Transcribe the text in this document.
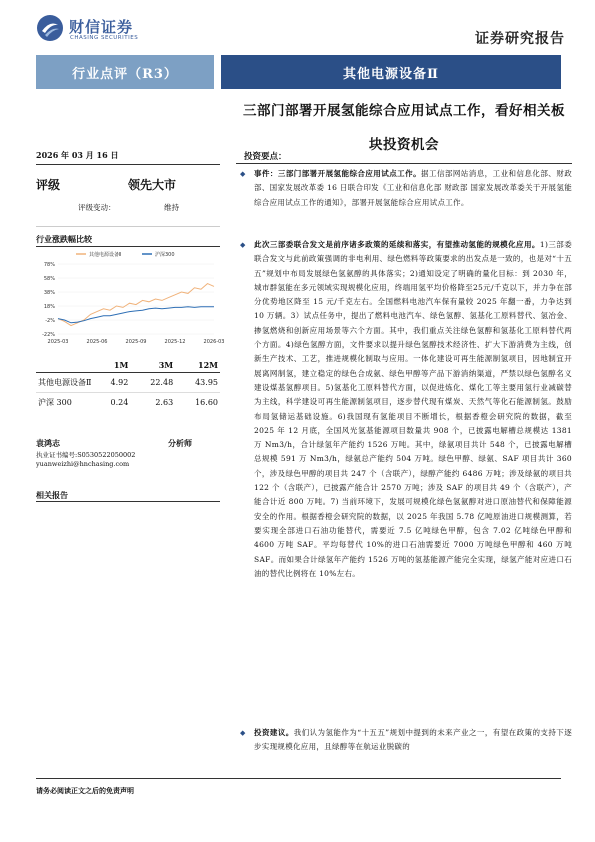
财信证券
CHASING SECURITIES	证券研究报告
行业点评（R3）	其他电源设备Ⅱ
三部门部署开展氢能综合应用试点工作，看好相关板
块投资机会
2026 年 03 月 16 日
评级	领先大市
评级变动：	维持
行业涨跌幅比较
-22%
-2%
18%
38%
58%
78%
2025-03	2025-06	2025-09	2025-12	2026-03
其他电源设备Ⅱ	沪深300
	1M	3M	12M
其他电源设备Ⅱ	4.92	22.48	43.95
沪深 300	0.24	2.63	16.60
袁鸿志	分析师
执业证书编号:S0530522050002
yuanweizhi@hnchasing.com
相关报告
投资要点：
◆	事件：三部门部署开展氢能综合应用试点工作。据工信部网站消息，工业和信息化部、财政部、国家发展改革委 16 日联合印发《工业和信息化部 财政部 国家发展改革委关于开展氢能综合应用试点工作的通知》，部署开展氢能综合应用试点工作。
◆	此次三部委联合发文是前序诸多政策的延续和落实，有望推动氢能的规模化应用。1)三部委联合发文与此前政策强调的非电利用、绿色燃料等政策要求的出发点是一致的，也是对“十五五”规划中布局发展绿色氢氨醇的具体落实；2)通知设定了明确的量化目标：到 2030 年，城市群氢能在多元领域实现规模化应用，终端用氢平均价格降至25元/千克以下，并力争在部分优势地区降至 15 元/千克左右。全国燃料电池汽车保有量较 2025 年翻一番，力争达到 10 万辆。3）试点任务中，提出了燃料电池汽车、绿色氢醇、氢基化工原料替代、氢冶金、掺氢燃烧和创新应用场景等六个方面。其中，我们重点关注绿色氢醇和氢基化工原料替代两个方面。4)绿色氢醇方面，文件要求以提升绿色氢醇技术经济性、扩大下游消费为主线，创新生产技术、工艺，推进规模化制取与应用。一体化建设可再生能源制氢项目，因地制宜开展离网制氢，建立稳定的绿色合成氨、绿色甲醇等产品下游消纳渠道，严禁以绿色氢醇名义建设煤基氢醇项目。5)氢基化工原料替代方面，以促进炼化、煤化工等主要用氢行业减碳替为主线，科学建设可再生能源制氢项目，逐步替代现有煤炭、天然气等化石能源制氢。鼓励布局氢储运基础设施。6)我国现有氢能项目不断增长，根据香橙会研究院的数据，截至 2025 年 12 月底，全国风光氢基能源项目数量共 908 个，已披露电解槽总规模达 1381 万 Nm3/h，合计绿氢年产能约 1526 万吨。其中，绿氨项目共计 548 个，已披露电解槽总规模 591 万 Nm3/h，绿氨总产能约 504 万吨。绿色甲醇、绿氨、SAF 项目共计 360 个，涉及绿色甲醇的项目共 247 个（含联产），绿醇产能约 6486 万吨；涉及绿氨的项目共 122 个（含联产），已披露产能合计 2570 万吨；涉及 SAF 的项目共 49 个（含联产），产能合计近 800 万吨。7) 当前环境下，发展可规模化绿色氢氨醇对进口原油替代和保障能源安全的作用。根据香橙会研究院的数据，以 2025 年我国 5.78 亿吨原油进口规模测算，若要实现全部进口石油功能替代，需要近 7.5 亿吨绿色甲醇，包含 7.02 亿吨绿色甲醇和 4600 万吨 SAF。平均每替代 10%的进口石油需要近 7000 万吨绿色甲醇和 460 万吨 SAF。而如果合计绿氢年产能约 1526 万吨的氢基能源产能完全实现，绿氢产能对应进口石油的替代比例将在 10%左右。
◆	投资建议。我们认为氢能作为“十五五”规划中提到的未来产业之一，有望在政策的支持下逐步实现规模化应用，且绿醇等在航运业脱碳的
请务必阅读正文之后的免责声明
